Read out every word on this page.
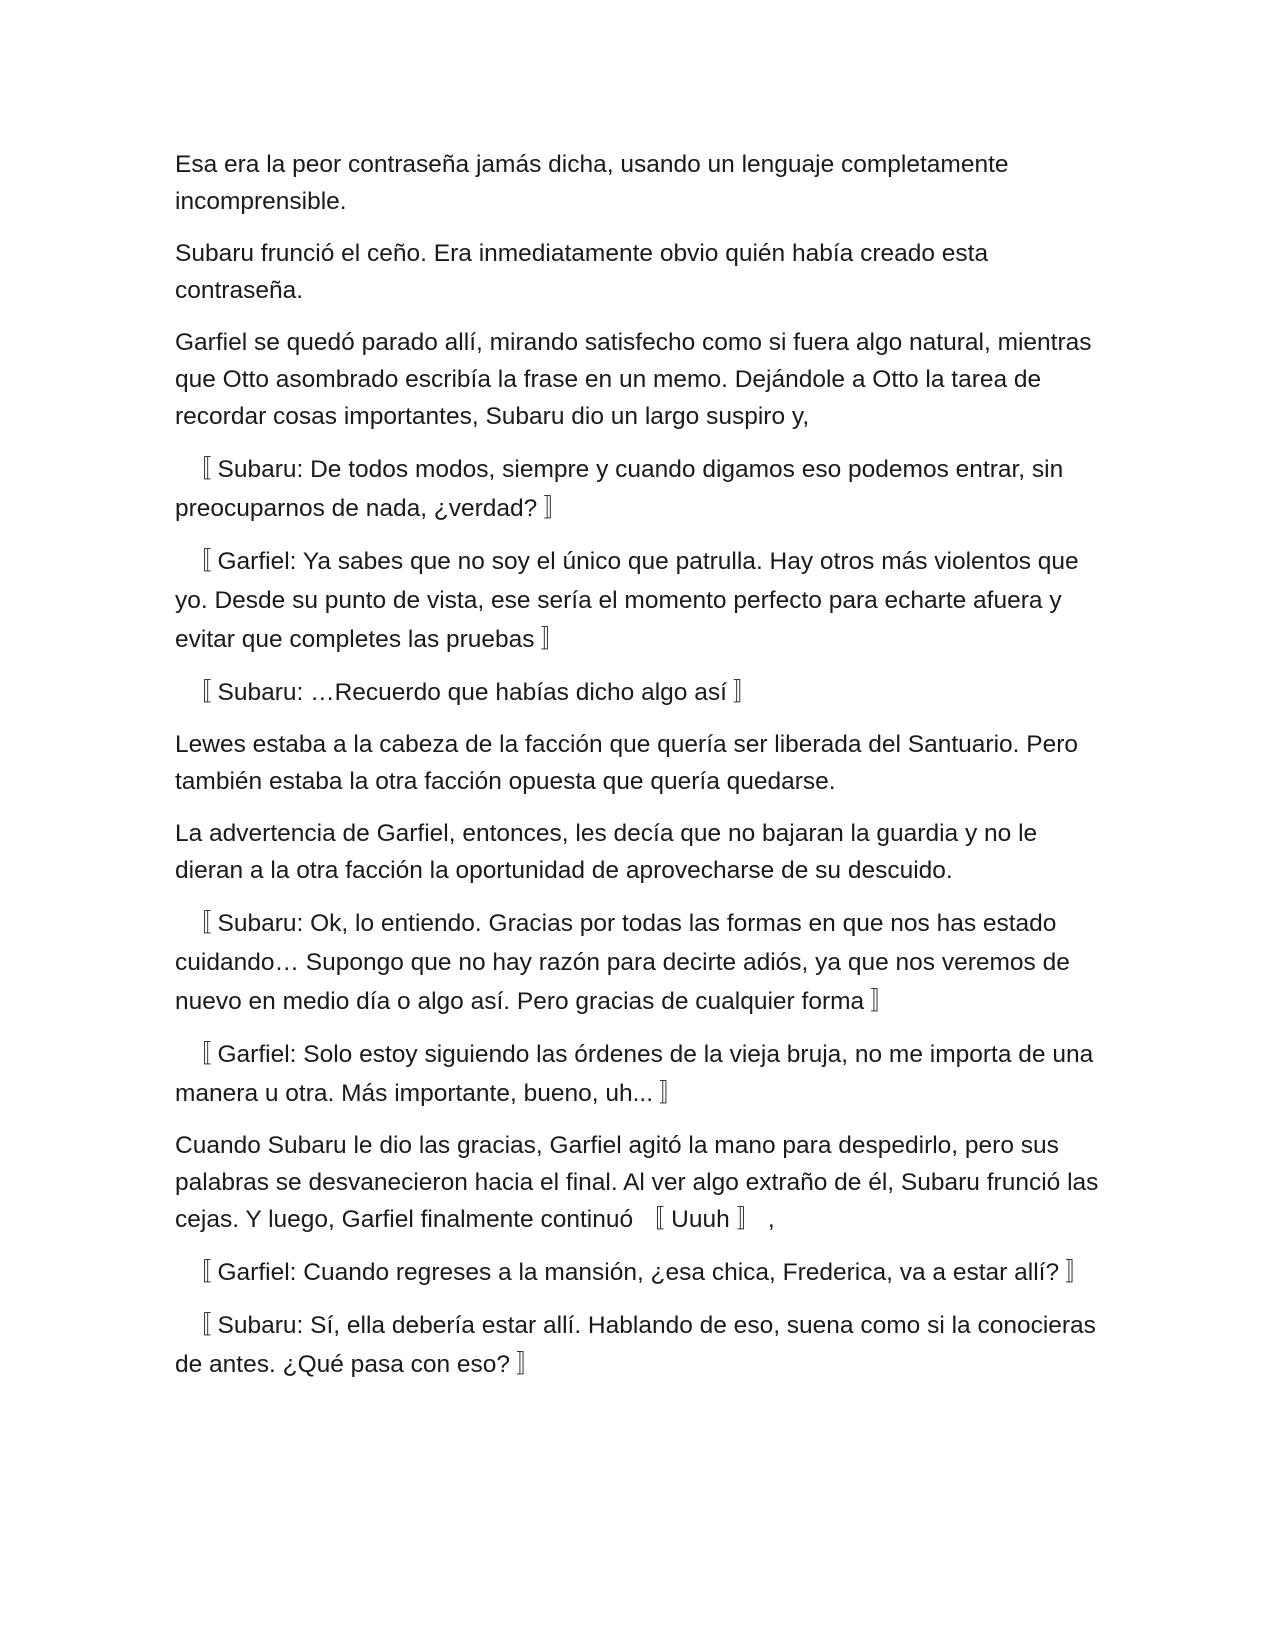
Esa era la peor contraseña jamás dicha, usando un lenguaje completamente incomprensible.

Subaru frunció el ceño. Era inmediatamente obvio quién había creado esta contraseña.

Garfiel se quedó parado allí, mirando satisfecho como si fuera algo natural, mientras que Otto asombrado escribía la frase en un memo. Dejándole a Otto la tarea de recordar cosas importantes, Subaru dio un largo suspiro y,

〚 Subaru: De todos modos, siempre y cuando digamos eso podemos entrar, sin preocuparnos de nada, ¿verdad? 〛

〚 Garfiel: Ya sabes que no soy el único que patrulla. Hay otros más violentos que yo. Desde su punto de vista, ese sería el momento perfecto para echarte afuera y evitar que completes las pruebas 〛

〚 Subaru: …Recuerdo que habías dicho algo así 〛

Lewes estaba a la cabeza de la facción que quería ser liberada del Santuario. Pero también estaba la otra facción opuesta que quería quedarse.

La advertencia de Garfiel, entonces, les decía que no bajaran la guardia y no le dieran a la otra facción la oportunidad de aprovecharse de su descuido.

〚 Subaru: Ok, lo entiendo. Gracias por todas las formas en que nos has estado cuidando… Supongo que no hay razón para decirte adiós, ya que nos veremos de nuevo en medio día o algo así. Pero gracias de cualquier forma 〛

〚 Garfiel: Solo estoy siguiendo las órdenes de la vieja bruja, no me importa de una manera u otra. Más importante, bueno, uh... 〛

Cuando Subaru le dio las gracias, Garfiel agitó la mano para despedirlo, pero sus palabras se desvanecieron hacia el final. Al ver algo extraño de él, Subaru frunció las cejas. Y luego, Garfiel finalmente continuó 〚 Uuuh 〛 ,

〚 Garfiel: Cuando regreses a la mansión, ¿esa chica, Frederica, va a estar allí? 〛

〚 Subaru: Sí, ella debería estar allí. Hablando de eso, suena como si la conocieras de antes. ¿Qué pasa con eso? 〛
